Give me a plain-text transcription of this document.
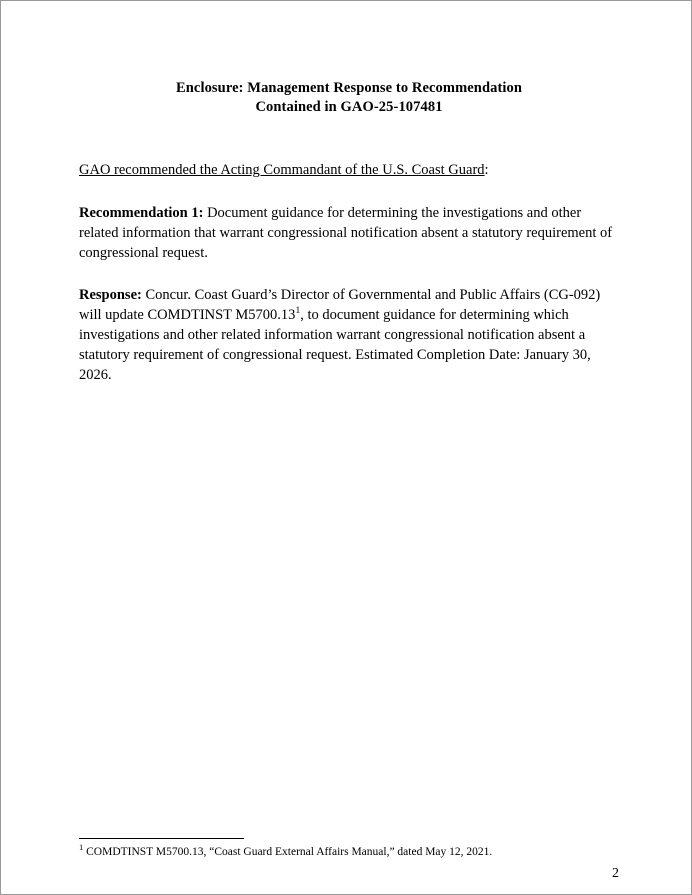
Enclosure: Management Response to Recommendation
Contained in GAO-25-107481

GAO recommended the Acting Commandant of the U.S. Coast Guard:

Recommendation 1: Document guidance for determining the investigations and other related information that warrant congressional notification absent a statutory requirement of congressional request.

Response: Concur. Coast Guard’s Director of Governmental and Public Affairs (CG-092) will update COMDTINST M5700.13$^1$, to document guidance for determining which investigations and other related information warrant congressional notification absent a statutory requirement of congressional request. Estimated Completion Date: January 30, 2026.

$^1$ COMDTINST M5700.13, “Coast Guard External Affairs Manual,” dated May 12, 2021.
2
